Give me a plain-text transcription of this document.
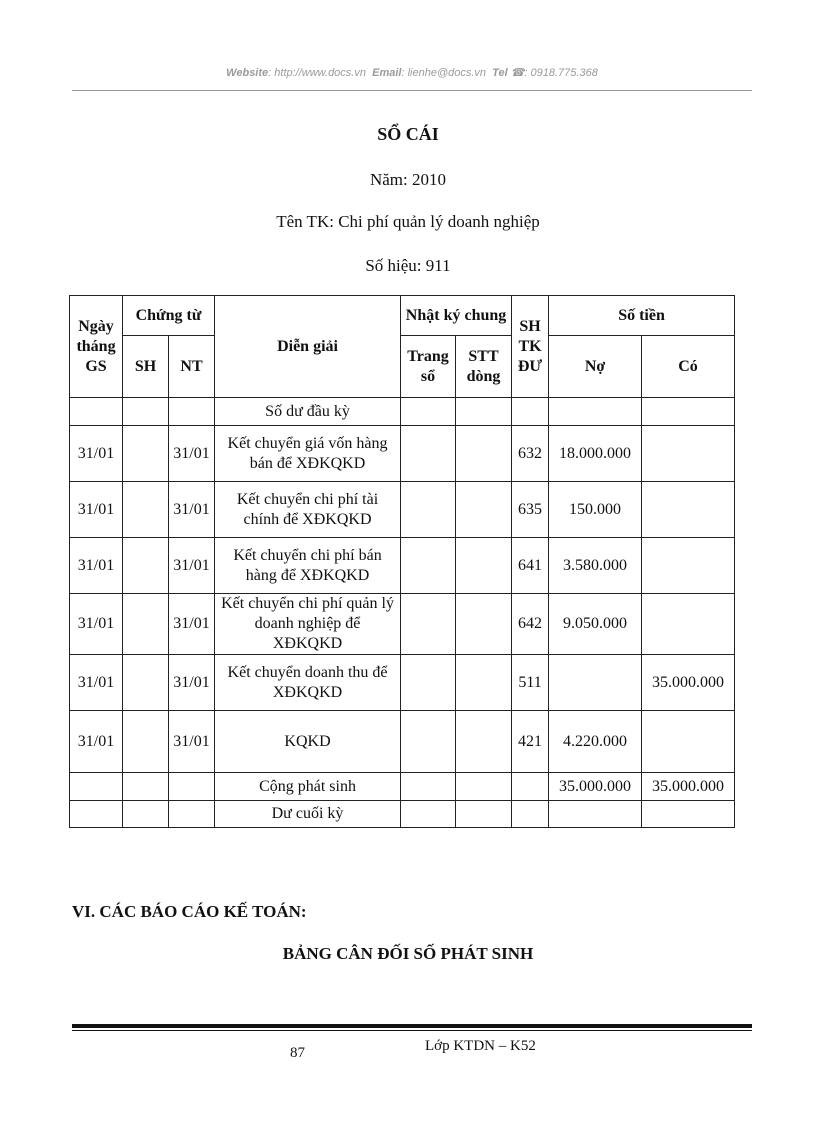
Website: http://www.docs.vn Email: lienhe@docs.vn Tel ☎: 0918.775.368
SỔ CÁI
Năm: 2010
Tên TK: Chi phí quản lý doanh nghiệp
Số hiệu: 911
Ngày tháng GS	Chứng từ		Diễn giải	Nhật ký chung		SH TK ĐƯ	Số tiền	
	SH	NT		Trang sổ	STT dòng		Nợ	Có
			Số dư đầu kỳ					
31/01		31/01	Kết chuyển giá vốn hàng bán để XĐKQKD			632	18.000.000	
31/01		31/01	Kết chuyển chi phí tài chính để XĐKQKD			635	150.000	
31/01		31/01	Kết chuyển chi phí bán hàng để XĐKQKD			641	3.580.000	
31/01		31/01	Kết chuyển chi phí quản lý doanh nghiệp để XĐKQKD			642	9.050.000	
31/01		31/01	Kết chuyển doanh thu để XĐKQKD			511		35.000.000
31/01		31/01	KQKD			421	4.220.000	
			Cộng phát sinh				35.000.000	35.000.000
			Dư cuối kỳ					
VI. CÁC BÁO CÁO KẾ TOÁN:
BẢNG CÂN ĐỐI SỐ PHÁT SINH
87	Lớp KTDN – K52
